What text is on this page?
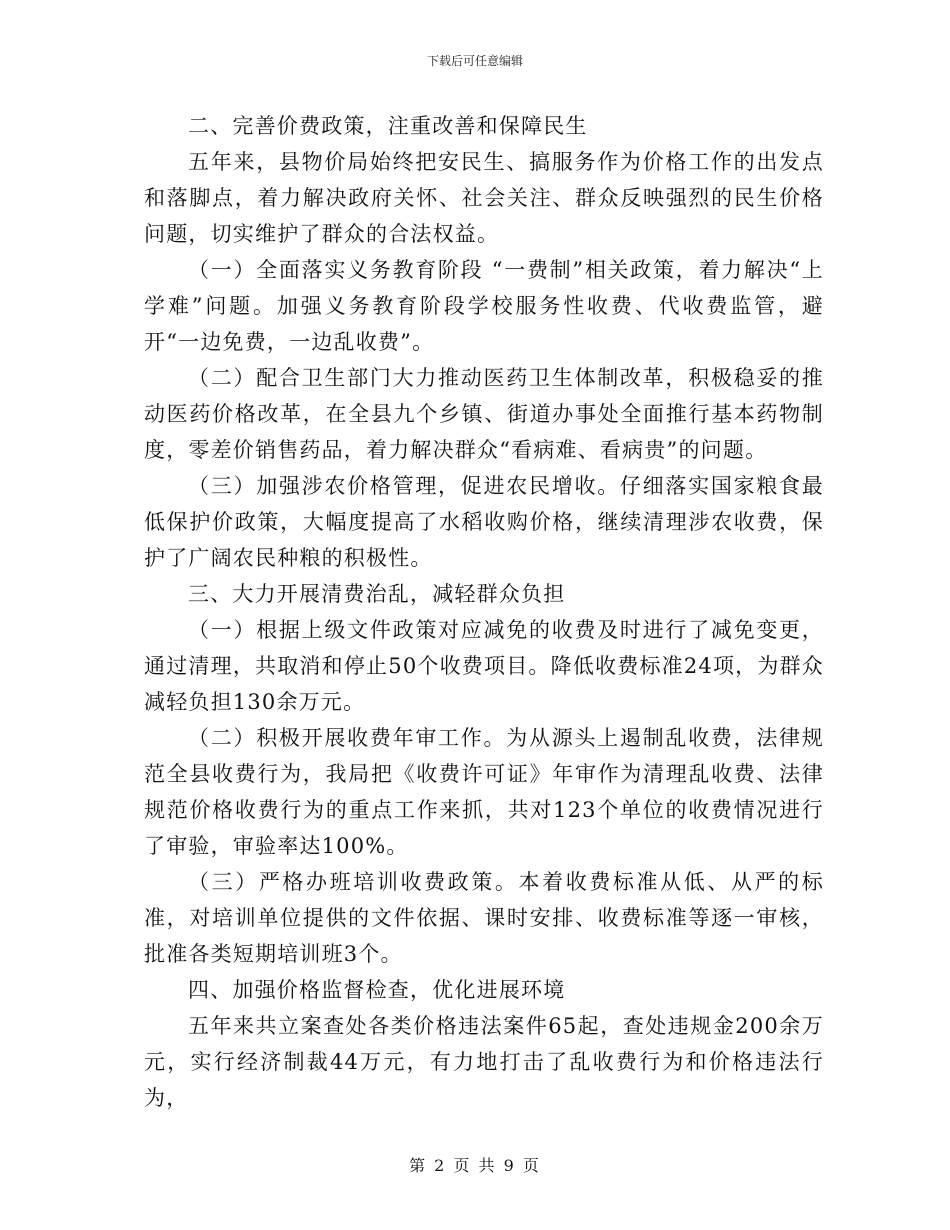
下载后可任意编辑

二、完善价费政策，注重改善和保障民生

五年来，县物价局始终把安民生、搞服务作为价格工作的出发点和落脚点，着力解决政府关怀、社会关注、群众反映强烈的民生价格问题，切实维护了群众的合法权益。

（一）全面落实义务教育阶段 “一费制”相关政策，着力解决“上学难”问题。加强义务教育阶段学校服务性收费、代收费监管，避开“一边免费，一边乱收费”。

（二）配合卫生部门大力推动医药卫生体制改革，积极稳妥的推动医药价格改革，在全县九个乡镇、街道办事处全面推行基本药物制度，零差价销售药品，着力解决群众“看病难、看病贵”的问题。

（三）加强涉农价格管理，促进农民增收。仔细落实国家粮食最低保护价政策，大幅度提高了水稻收购价格，继续清理涉农收费，保护了广阔农民种粮的积极性。

三、大力开展清费治乱，减轻群众负担

（一）根据上级文件政策对应减免的收费及时进行了减免变更，通过清理，共取消和停止50个收费项目。降低收费标准24项，为群众减轻负担130余万元。

（二）积极开展收费年审工作。为从源头上遏制乱收费，法律规范全县收费行为，我局把《收费许可证》年审作为清理乱收费、法律规范价格收费行为的重点工作来抓，共对123个单位的收费情况进行了审验，审验率达100%。

（三）严格办班培训收费政策。本着收费标准从低、从严的标准，对培训单位提供的文件依据、课时安排、收费标准等逐一审核，批准各类短期培训班3个。

四、加强价格监督检查，优化进展环境

五年来共立案查处各类价格违法案件65起，查处违规金200余万元，实行经济制裁44万元，有力地打击了乱收费行为和价格违法行为，

第 2 页 共 9 页
